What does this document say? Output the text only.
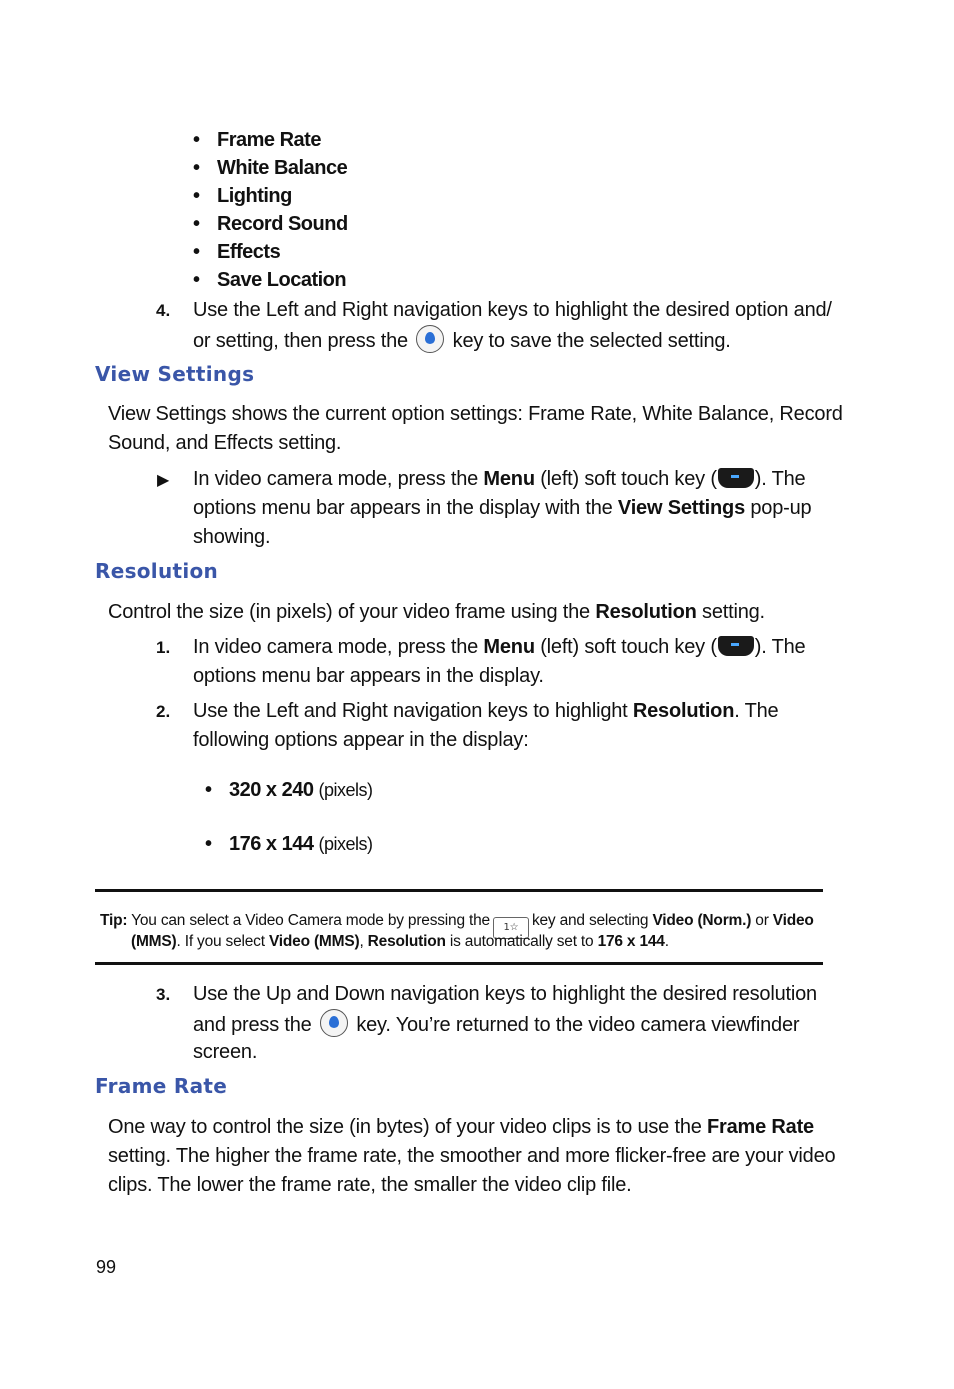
• Frame Rate
• White Balance
• Lighting
• Record Sound
• Effects
• Save Location
4. Use the Left and Right navigation keys to highlight the desired option and/
or setting, then press the key to save the selected setting.
View Settings
View Settings shows the current option settings: Frame Rate, White Balance, Record
Sound, and Effects setting.
▶ In video camera mode, press the Menu (left) soft touch key ( ). The
options menu bar appears in the display with the View Settings pop-up
showing.
Resolution
Control the size (in pixels) of your video frame using the Resolution setting.
1. In video camera mode, press the Menu (left) soft touch key ( ). The
options menu bar appears in the display.
2. Use the Left and Right navigation keys to highlight Resolution. The
following options appear in the display:
• 320 x 240 (pixels)
• 176 x 144 (pixels)
Tip: You can select a Video Camera mode by pressing the 1☆ key and selecting Video (Norm.) or Video
(MMS). If you select Video (MMS), Resolution is automatically set to 176 x 144.
3. Use the Up and Down navigation keys to highlight the desired resolution
and press the key. You’re returned to the video camera viewfinder
screen.
Frame Rate
One way to control the size (in bytes) of your video clips is to use the Frame Rate
setting. The higher the frame rate, the smoother and more flicker-free are your video
clips. The lower the frame rate, the smaller the video clip file.
99
